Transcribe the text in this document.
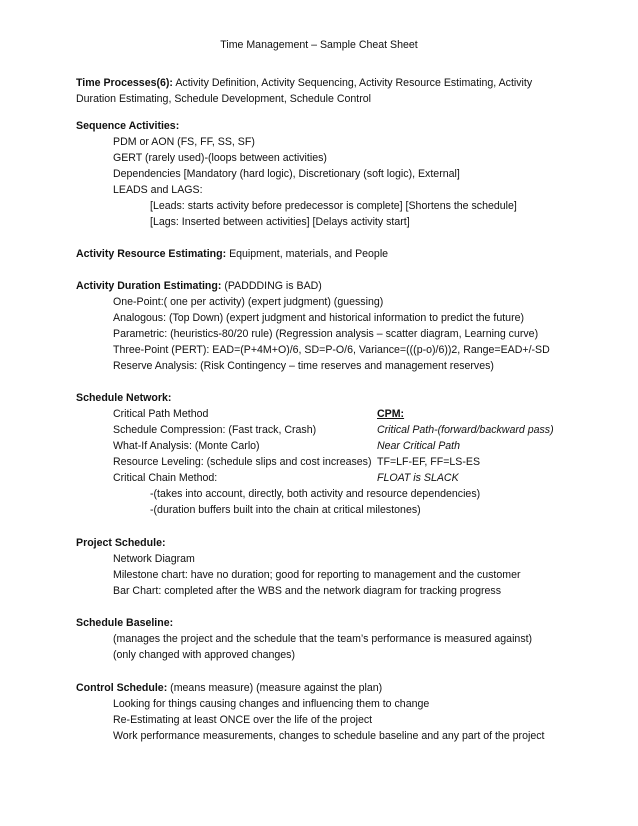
Time Management – Sample Cheat Sheet
Time Processes(6): Activity Definition, Activity Sequencing, Activity Resource Estimating, Activity
Duration Estimating, Schedule Development, Schedule Control
Sequence Activities:
PDM or AON (FS, FF, SS, SF)
GERT (rarely used)-(loops between activities)
Dependencies [Mandatory (hard logic), Discretionary (soft logic), External]
LEADS and LAGS:
[Leads: starts activity before predecessor is complete] [Shortens the schedule]
[Lags: Inserted between activities] [Delays activity start]
Activity Resource Estimating: Equipment, materials, and People
Activity Duration Estimating: (PADDDING is BAD)
One-Point:( one per activity) (expert judgment) (guessing)
Analogous: (Top Down) (expert judgment and historical information to predict the future)
Parametric: (heuristics-80/20 rule) (Regression analysis – scatter diagram, Learning curve)
Three-Point (PERT): EAD=(P+4M+O)/6, SD=P-O/6, Variance=(((p-o)/6))2, Range=EAD+/-SD
Reserve Analysis: (Risk Contingency – time reserves and management reserves)
Schedule Network:
Critical Path Method	CPM:
Schedule Compression: (Fast track, Crash)	Critical Path-(forward/backward pass)
What-If Analysis: (Monte Carlo)	Near Critical Path
Resource Leveling: (schedule slips and cost increases) TF=LF-EF, FF=LS-ES
Critical Chain Method:	FLOAT is SLACK
-(takes into account, directly, both activity and resource dependencies)
-(duration buffers built into the chain at critical milestones)
Project Schedule:
Network Diagram
Milestone chart: have no duration; good for reporting to management and the customer
Bar Chart: completed after the WBS and the network diagram for tracking progress
Schedule Baseline:
(manages the project and the schedule that the team’s performance is measured against)
(only changed with approved changes)
Control Schedule: (means measure) (measure against the plan)
Looking for things causing changes and influencing them to change
Re-Estimating at least ONCE over the life of the project
Work performance measurements, changes to schedule baseline and any part of the project
